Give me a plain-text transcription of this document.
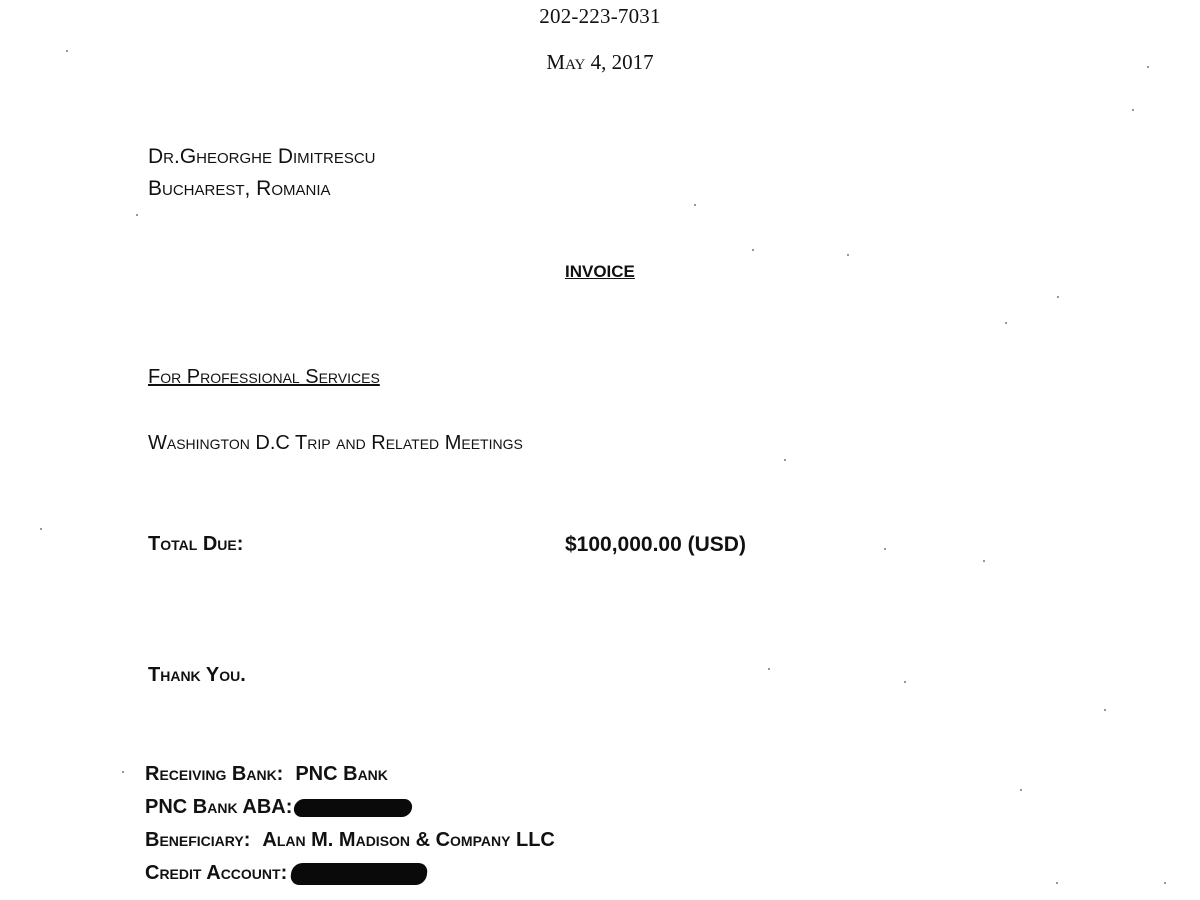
202-223-7031
May 4, 2017
Dr.Gheorghe Dimitrescu
Bucharest, Romania
INVOICE
For Professional Services
Washington D.C Trip and Related Meetings
Total Due:	$100,000.00 (USD)
Thank You.
Receiving Bank: PNC Bank
PNC Bank ABA:
Beneficiary: Alan M. Madison & Company LLC
Credit Account:
